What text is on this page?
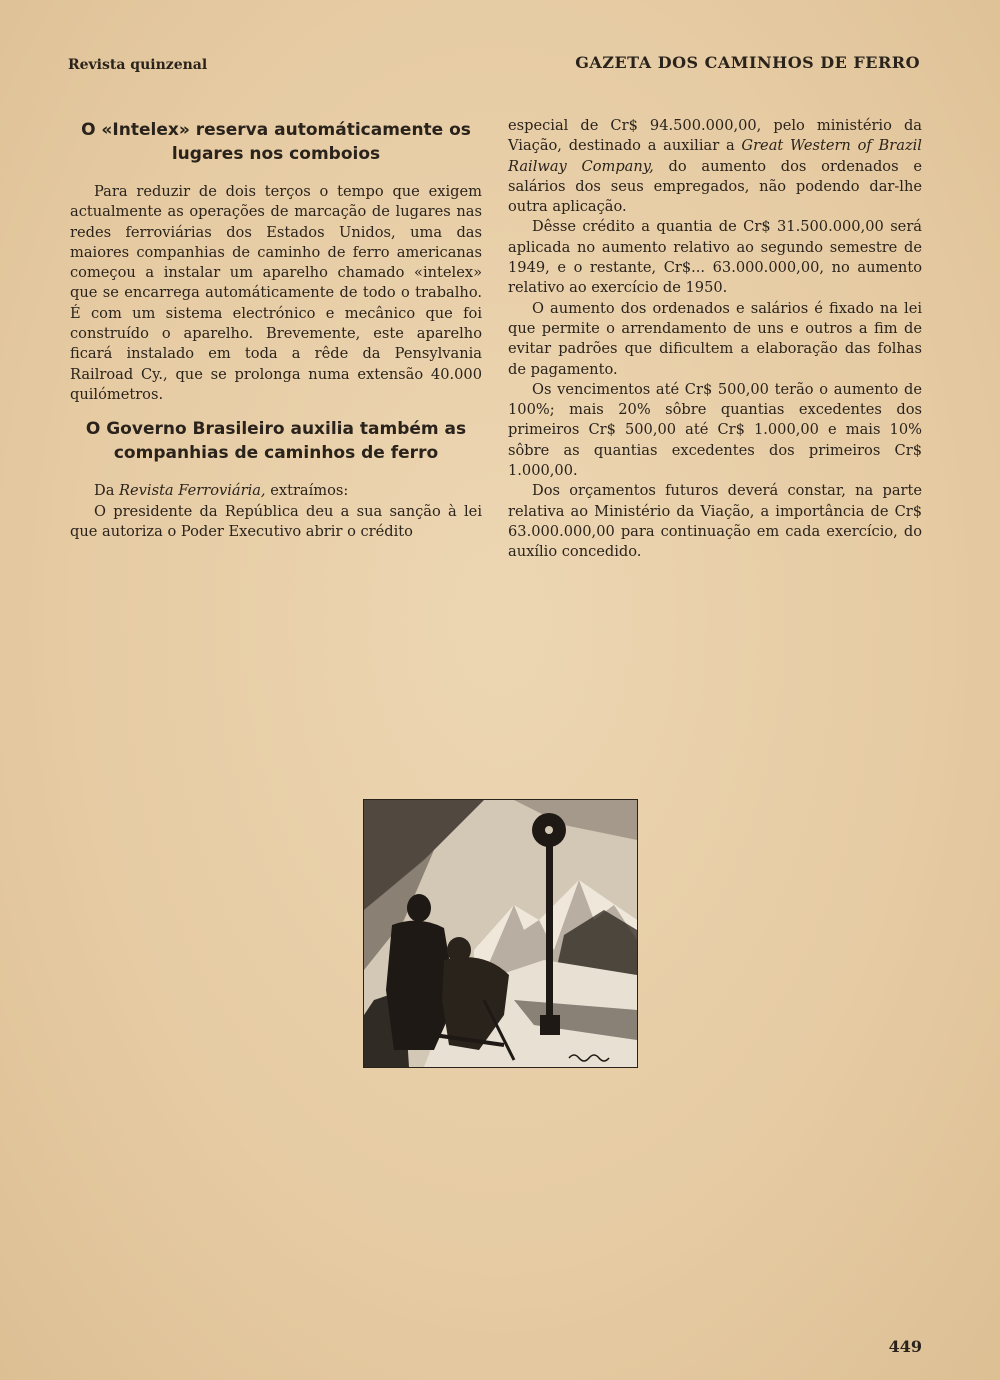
Revista quinzenal	GAZETA DOS CAMINHOS DE FERRO
O «Intelex» reserva automáticamente os
lugares nos comboios

Para reduzir de dois terços o tempo que exigem actualmente as operações de marcação de lugares nas redes ferroviárias dos Estados Unidos, uma das maiores companhias de caminho de ferro americanas começou a instalar um aparelho chamado «intelex» que se encarrega automáticamente de todo o trabalho. É com um sistema electrónico e mecânico que foi construído o aparelho. Brevemente, este aparelho ficará instalado em toda a rêde da Pensylvania Railroad Cy., que se prolonga numa extensão 40.000 quilómetros.

O Governo Brasileiro auxilia também as
companhias de caminhos de ferro

Da Revista Ferroviária, extraímos:

O presidente da República deu a sua sanção à lei que autoriza o Poder Executivo abrir o crédito

especial de Cr$ 94.500.000,00, pelo ministério da Viação, destinado a auxiliar a Great Western of Brazil Railway Company, do aumento dos ordenados e salários dos seus empregados, não podendo dar-lhe outra aplicação.

Dêsse crédito a quantia de Cr$ 31.500.000,00 será aplicada no aumento relativo ao segundo semestre de 1949, e o restante, Cr$... 63.000.000,00, no aumento relativo ao exercício de 1950.

O aumento dos ordenados e salários é fixado na lei que permite o arrendamento de uns e outros a fim de evitar padrões que dificultem a elaboração das folhas de pagamento.

Os vencimentos até Cr$ 500,00 terão o aumento de 100%; mais 20% sôbre quantias excedentes dos primeiros Cr$ 500,00 até Cr$ 1.000,00 e mais 10% sôbre as quantias excedentes dos primeiros Cr$ 1.000,00.

Dos orçamentos futuros deverá constar, na parte relativa ao Ministério da Viação, a importância de Cr$ 63.000.000,00 para continuação em cada exercício, do auxílio concedido.

449
